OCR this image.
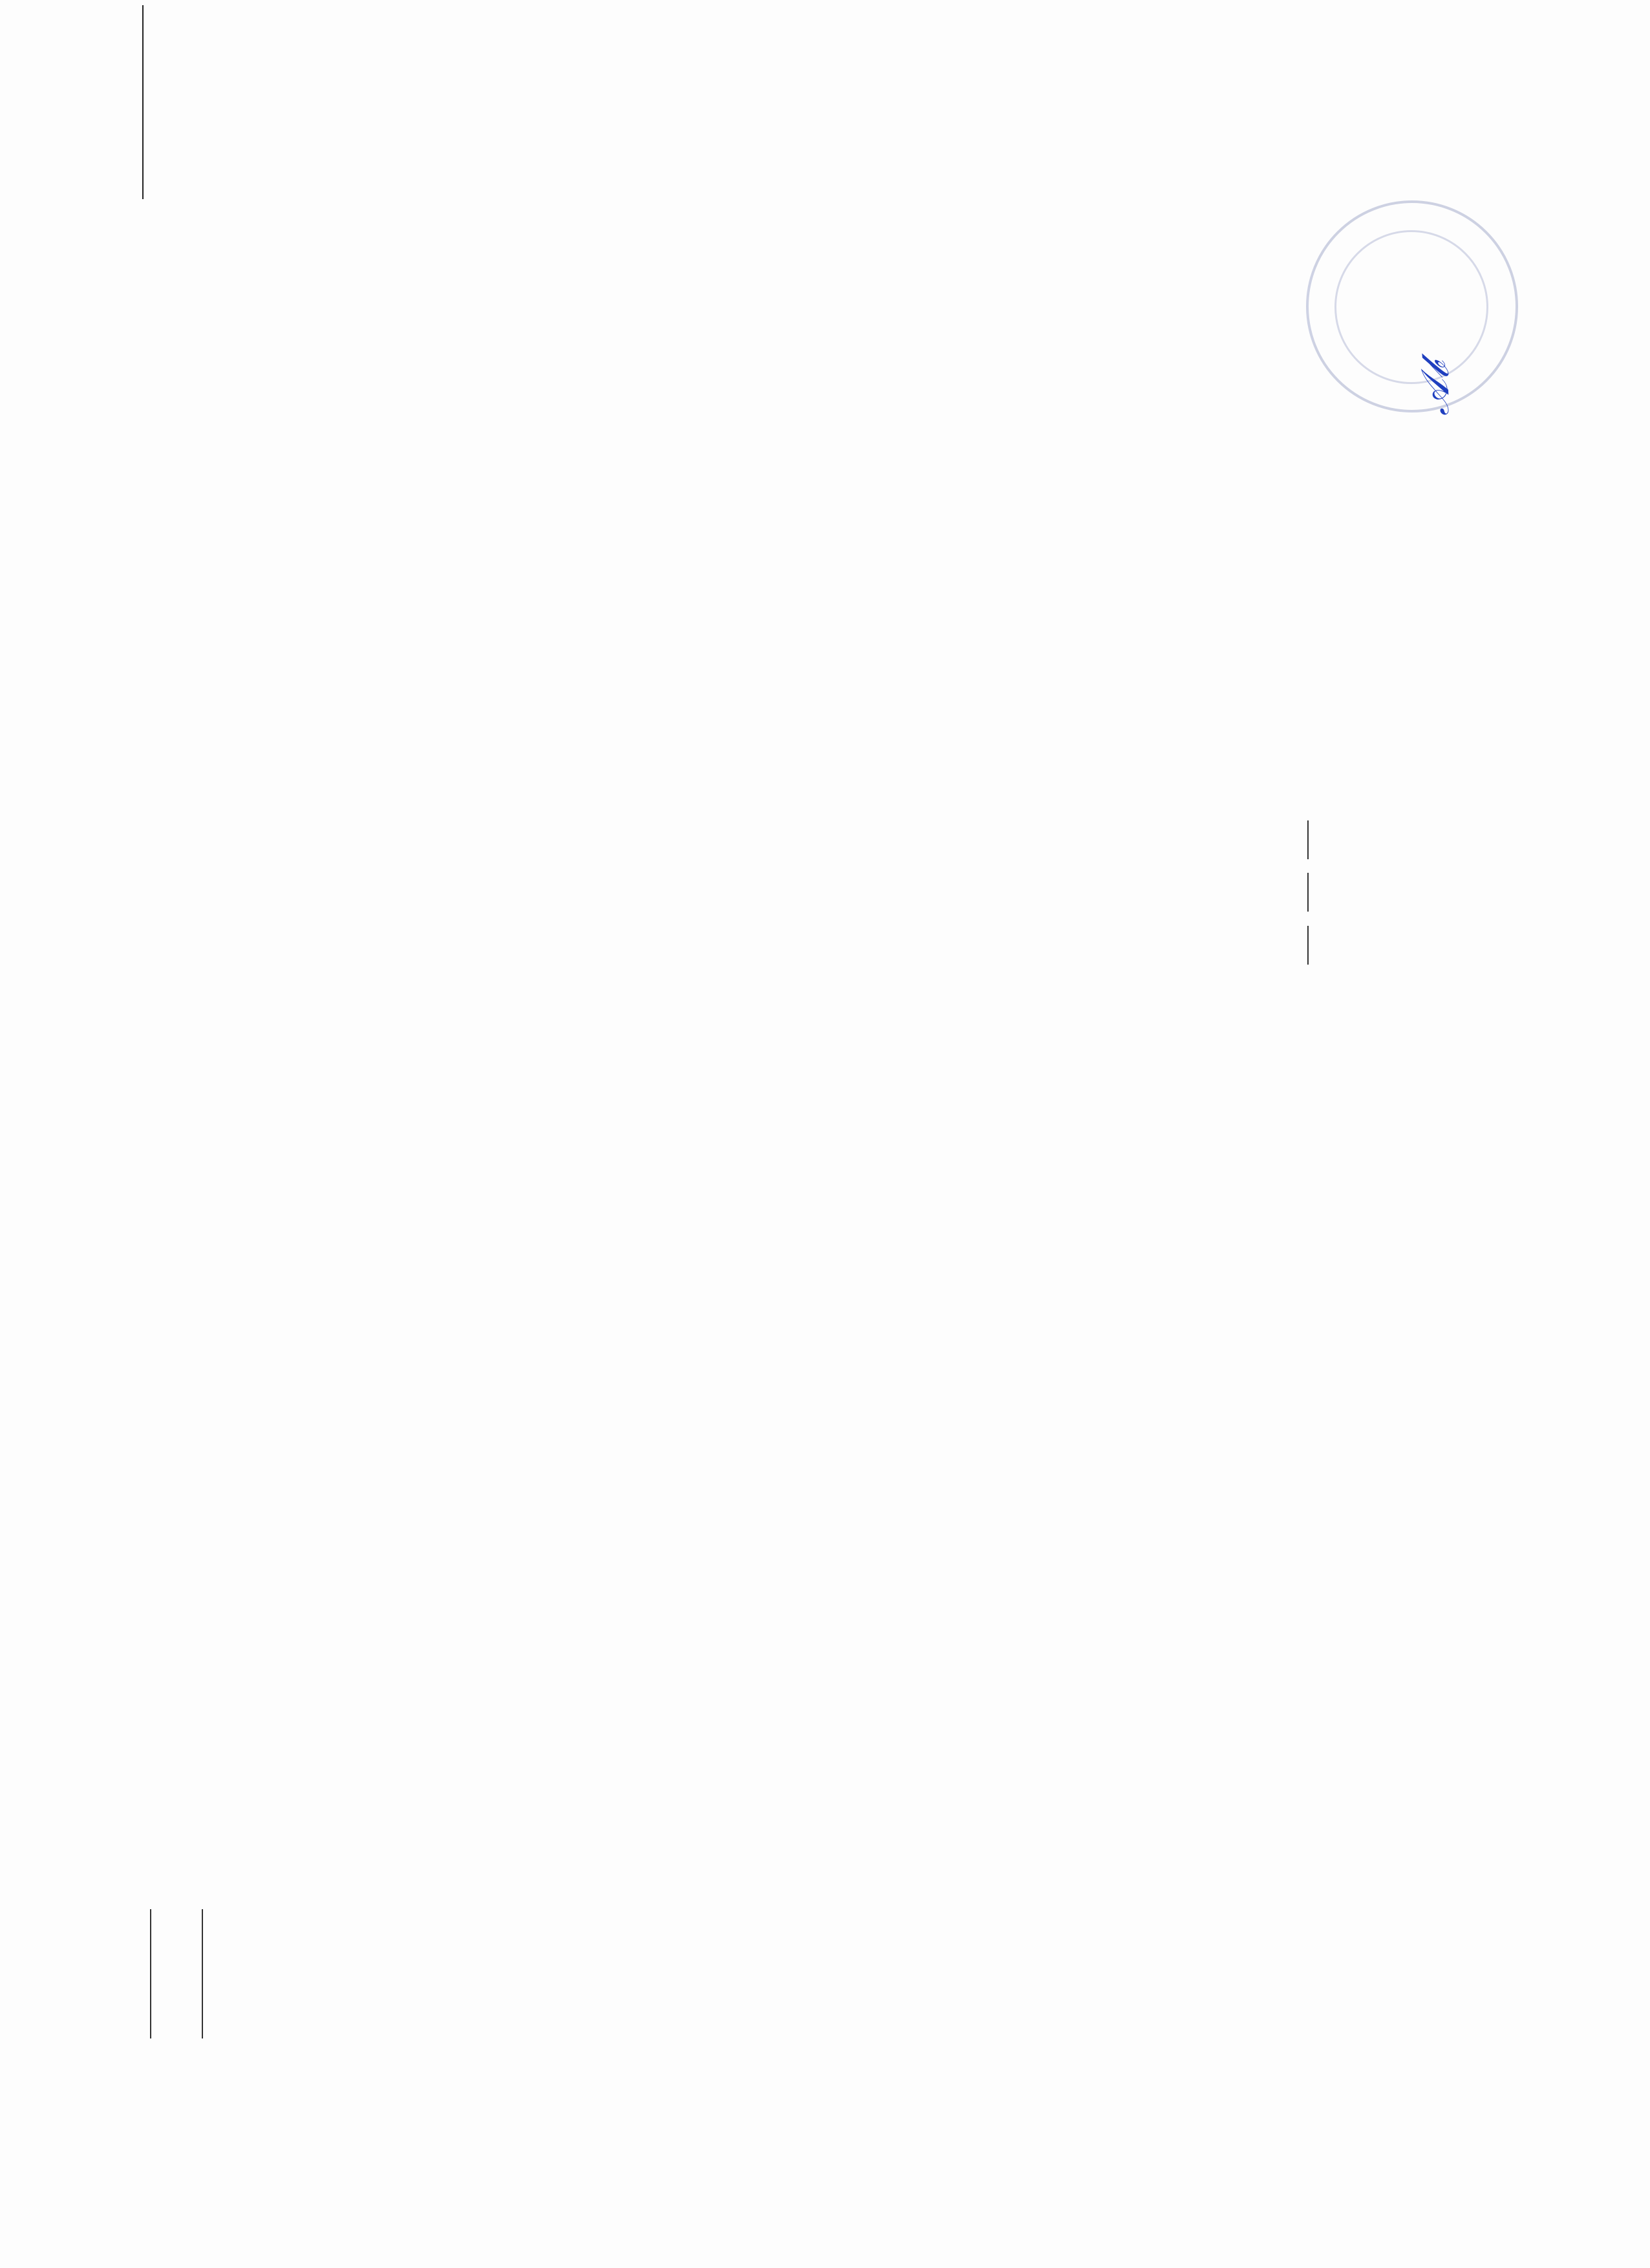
𝒜𝒷
